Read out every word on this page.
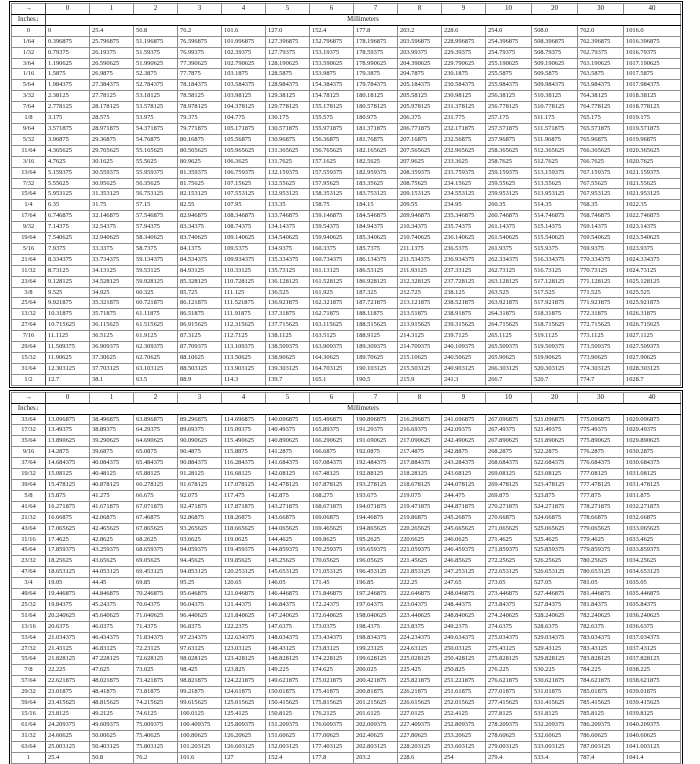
→	0	1	2	3	4	5	6	7	8	9	10	20	30	40
Inches↓	Millimeters													
0	0	25.4	50.8	76.2	101.6	127.0	152.4	177.8	203.2	228.6	254.0	508.0	762.0	1016.0
1/64	0.396875	25.796875	51.196875	76.596875	101.996875	127.396875	152.796875	178.196875	203.596875	228.996875	254.396875	508.396875	762.396875	1016.396875
1/32	0.79375	26.19375	51.59375	76.99375	102.39375	127.79375	153.19375	178.59375	203.99375	229.39375	254.79375	508.79375	762.79375	1016.79375
3/64	1.190625	26.590625	51.990625	77.390625	102.790625	128.190625	153.590625	178.990625	204.390625	229.790625	255.190625	509.190625	763.190625	1017.190625
1/16	1.5875	26.9875	52.3875	77.7875	103.1875	128.5875	153.9875	179.3875	204.7875	230.1875	255.5875	509.5875	763.5875	1017.5875
5/64	1.984375	27.384375	52.784375	78.184375	103.584375	128.984375	154.384375	179.784375	205.184375	230.584375	255.984375	509.984375	763.984375	1017.984375
3/32	2.38125	27.78125	53.18125	78.58125	103.98125	129.38125	154.78125	180.18125	205.58125	230.98125	256.38125	510.38125	764.38125	1018.38125
7/64	2.778125	28.178125	53.578125	78.978125	104.378125	129.778125	155.178125	180.578125	205.978125	231.378125	256.778125	510.778125	764.778125	1018.778125
1/8	3.175	28.575	53.975	79.375	104.775	130.175	155.575	180.975	206.375	231.775	257.175	511.175	765.175	1019.175
9/64	3.571875	28.971875	54.371875	79.771875	105.171875	130.571875	155.971875	181.371875	206.771875	232.171875	257.571875	511.571875	765.571875	1019.571875
5/32	3.96875	29.36875	54.76875	80.16875	105.56875	130.96875	156.36875	181.76875	207.16875	232.56875	257.96875	511.96875	765.96875	1019.96875
11/64	4.365625	29.765625	55.165625	80.565625	105.965625	131.365625	156.765625	182.165625	207.565625	232.965625	258.365625	512.365625	766.365625	1020.365625
3/16	4.7625	30.1625	55.5625	80.9625	106.3625	131.7625	157.1625	182.5625	207.9625	233.3625	258.7625	512.7625	766.7625	1020.7625
13/64	5.159375	30.559375	55.959375	81.359375	106.759375	132.159375	157.559375	182.959375	208.359375	233.759375	259.159375	513.159375	767.159375	1021.159375
7/32	5.55625	30.95625	56.35625	81.75625	107.15625	132.55625	157.95625	183.35625	208.75625	234.15625	259.55625	513.55625	767.55625	1021.55625
15/64	5.953125	31.353125	56.753125	82.153125	107.553125	132.953125	158.353125	183.753125	209.153125	234.553125	259.953125	513.953125	767.953125	1021.953125
1/4	6.35	31.75	57.15	82.55	107.95	133.35	158.75	184.15	209.55	234.95	260.35	514.35	768.35	1022.35
17/64	6.746875	32.146875	57.546875	82.946875	108.346875	133.746875	159.146875	184.546875	209.946875	235.346875	260.746875	514.746875	768.746875	1022.746875
9/32	7.14375	32.54375	57.94375	83.34375	108.74375	134.14375	159.54375	184.94375	210.34375	235.74375	261.14375	515.14375	769.14375	1023.14375
19/64	7.540625	32.940625	58.340625	83.740625	109.140625	134.540625	159.940625	185.340625	210.740625	236.140625	261.540625	515.540625	769.540625	1023.540625
5/16	7.9375	33.3375	58.7375	84.1375	109.5375	134.9375	160.3375	185.7375	211.1375	236.5375	261.9375	515.9375	769.9375	1023.9375
21/64	8.334375	33.734375	59.134375	84.534375	109.934375	135.334375	160.734375	186.134375	211.534375	236.934375	262.334375	516.334375	770.334375	1024.334375
11/32	8.73125	34.13125	59.53125	84.93125	110.33125	135.73125	161.13125	186.53125	211.93125	237.33125	262.73125	516.73125	770.73125	1024.73125
23/64	9.128125	34.528125	59.928125	85.328125	110.728125	136.128125	161.528125	186.928125	212.328125	237.728125	263.128125	517.128125	771.128125	1025.128125
3/8	9.525	34.925	60.325	85.725	111.125	136.525	161.925	187.325	212.725	238.125	263.525	517.525	771.525	1025.525
25/64	9.921875	35.321875	60.721875	86.121875	111.521875	136.921875	162.321875	187.721875	213.121875	238.521875	263.921875	517.921875	771.921875	1025.921875
13/32	10.31875	35.71875	61.11875	86.51875	111.91875	137.31875	162.71875	188.11875	213.51875	238.91875	264.31875	518.31875	772.31875	1026.31875
27/64	10.715625	36.115625	61.515625	86.915625	112.315625	137.715625	163.115625	188.515625	213.915625	239.315625	264.715625	518.715625	772.715625	1026.715625
7/16	11.1125	36.5125	61.9125	87.3125	112.7125	138.1125	163.5125	188.9125	214.3125	239.7125	265.1125	519.1125	773.1125	1027.1125
29/64	11.509375	36.909375	62.309375	87.709375	113.109375	138.509375	163.909375	189.309375	214.709375	240.109375	265.509375	519.509375	773.509375	1027.509375
15/32	11.90625	37.30625	62.70625	88.10625	113.50625	138.90625	164.30625	189.70625	215.10625	240.50625	265.90625	519.90625	773.90625	1027.90625
31/64	12.303125	37.703125	63.103125	88.503125	113.903125	139.303125	164.703125	190.103125	215.503125	240.903125	266.303125	520.303125	774.303125	1028.303125
1/2	12.7	38.1	63.5	88.9	114.3	139.7	165.1	190.5	215.9	241.3	266.7	520.7	774.7	1028.7
→	0	1	2	3	4	5	6	7	8	9	10	20	30	40
Inches↓	Millimeters													
33/64	13.096875	38.496875	63.896875	89.296875	114.696875	140.096875	165.496875	190.896875	216.296875	241.696875	267.096875	521.096875	775.096875	1029.096875
17/32	13.49375	38.89375	64.29375	89.69375	115.09375	140.49375	165.89375	191.29375	216.69375	242.09375	267.49375	521.49375	775.49375	1029.49375
35/64	13.890625	39.290625	64.690625	90.090625	115.490625	140.890625	166.290625	191.690625	217.090625	242.490625	267.890625	521.890625	775.890625	1029.890625
9/16	14.2875	39.6875	65.0875	90.4875	115.8875	141.2875	166.6875	192.0875	217.4875	242.8875	268.2875	522.2875	776.2875	1030.2875
37/64	14.684375	40.084375	65.484375	90.884375	116.284375	141.684375	167.084375	192.484375	217.884375	243.284375	268.684375	522.684375	776.684375	1030.684375
19/32	15.08125	40.48125	65.88125	91.28125	116.68125	142.08125	167.48125	192.88125	218.28125	243.68125	269.08125	523.08125	777.08125	1031.08125
39/64	15.478125	40.878125	66.278125	91.678125	117.078125	142.478125	167.878125	193.278125	218.678125	244.078125	269.478125	523.478125	777.478125	1031.478125
5/8	15.875	41.275	66.675	92.075	117.475	142.875	168.275	193.675	219.075	244.475	269.875	523.875	777.875	1031.875
41/64	16.271875	41.671875	67.071875	92.471875	117.871875	143.271875	168.671875	194.071875	219.471875	244.871875	270.271875	524.271875	778.271875	1032.271875
21/32	16.66875	42.06875	67.46875	92.86875	118.26875	143.66875	169.06875	194.46875	219.86875	245.26875	270.66875	524.66875	778.66875	1032.66875
43/64	17.065625	42.465625	67.865625	93.265625	118.665625	144.065625	169.465625	194.865625	220.265625	245.665625	271.065625	525.065625	779.065625	1033.065625
11/16	17.4625	42.8625	68.2625	93.6625	119.0625	144.4625	169.8625	195.2625	220.6625	246.0625	271.4625	525.4625	779.4625	1033.4625
45/64	17.859375	43.259375	68.659375	94.059375	119.459375	144.859375	170.259375	195.659375	221.059375	246.459375	271.859375	525.859375	779.859375	1033.859375
23/32	18.25625	43.65625	69.05625	94.45625	119.85625	145.25625	170.65625	196.05625	221.45625	246.85625	272.25625	526.25625	780.25625	1034.25625
47/64	18.653125	44.053125	69.453125	94.853125	120.253125	145.653125	171.053125	196.453125	221.853125	247.253125	272.653125	526.653125	780.653125	1034.653125
3/4	19.05	44.45	69.85	95.25	120.65	146.05	171.45	196.85	222.25	247.65	273.05	527.05	781.05	1035.05
49/64	19.446875	44.846875	70.246875	95.646875	121.046875	146.446875	171.846875	197.246875	222.646875	248.046875	273.446875	527.446875	781.446875	1035.446875
25/32	19.84375	45.24375	70.64375	96.04375	121.44375	146.84375	172.24375	197.64375	223.04375	248.44375	273.84375	527.84375	781.84375	1035.84375
51/64	20.240625	45.640625	71.040625	96.440625	121.840625	147.240625	172.640625	198.040625	223.440625	248.840625	274.240625	528.240625	782.240625	1036.240625
13/16	20.6375	46.0375	71.4375	96.8375	122.2375	147.6375	173.0375	198.4375	223.8375	249.2375	274.6375	528.6375	782.6375	1036.6375
53/64	21.034375	46.434375	71.834375	97.234375	122.634375	148.034375	173.434375	198.834375	224.234375	249.634375	275.034375	529.034375	783.034375	1037.034375
27/32	21.43125	46.83125	72.23125	97.63125	123.03125	148.43125	173.83125	199.23125	224.63125	250.03125	275.43125	529.43125	783.43125	1037.43125
55/64	21.828125	47.228125	72.628125	98.028125	123.428125	148.828125	174.228125	199.628125	225.028125	250.428125	275.828125	529.828125	783.828125	1037.828125
7/8	22.225	47.625	73.025	98.425	123.825	149.225	174.625	200.025	225.425	250.825	276.225	530.225	784.225	1038.225
57/64	22.621875	48.021875	73.421875	98.821875	124.221875	149.621875	175.021875	200.421875	225.821875	251.221875	276.621875	530.621875	784.621875	1038.621875
29/32	23.01875	48.41875	73.81875	99.21875	124.61875	150.01875	175.41875	200.81875	226.21875	251.61875	277.01875	531.01875	785.01875	1039.01875
59/64	23.415625	48.815625	74.215625	99.615625	125.015625	150.415625	175.815625	201.215625	226.615625	252.015625	277.415625	531.415625	785.415625	1039.415625
15/16	23.8125	49.2125	74.6125	100.0125	125.4125	150.8125	176.2125	201.6125	227.0125	252.4125	277.8125	531.8125	785.8125	1039.8125
61/64	24.209375	49.609375	75.009375	100.409375	125.809375	151.209375	176.609375	202.009375	227.409375	252.809375	278.209375	532.209375	786.209375	1040.209375
31/32	24.60625	50.00625	75.40625	100.80625	126.20625	151.60625	177.00625	202.40625	227.80625	253.20625	278.60625	532.60625	786.60625	1040.60625
63/64	25.003125	50.403125	75.803125	101.203125	126.603125	152.003125	177.403125	202.803125	228.203125	253.603125	279.003125	533.003125	787.003125	1041.003125
1	25.4	50.8	76.2	101.6	127	152.4	177.8	203.2	228.6	254	279.4	533.4	787.4	1041.4
